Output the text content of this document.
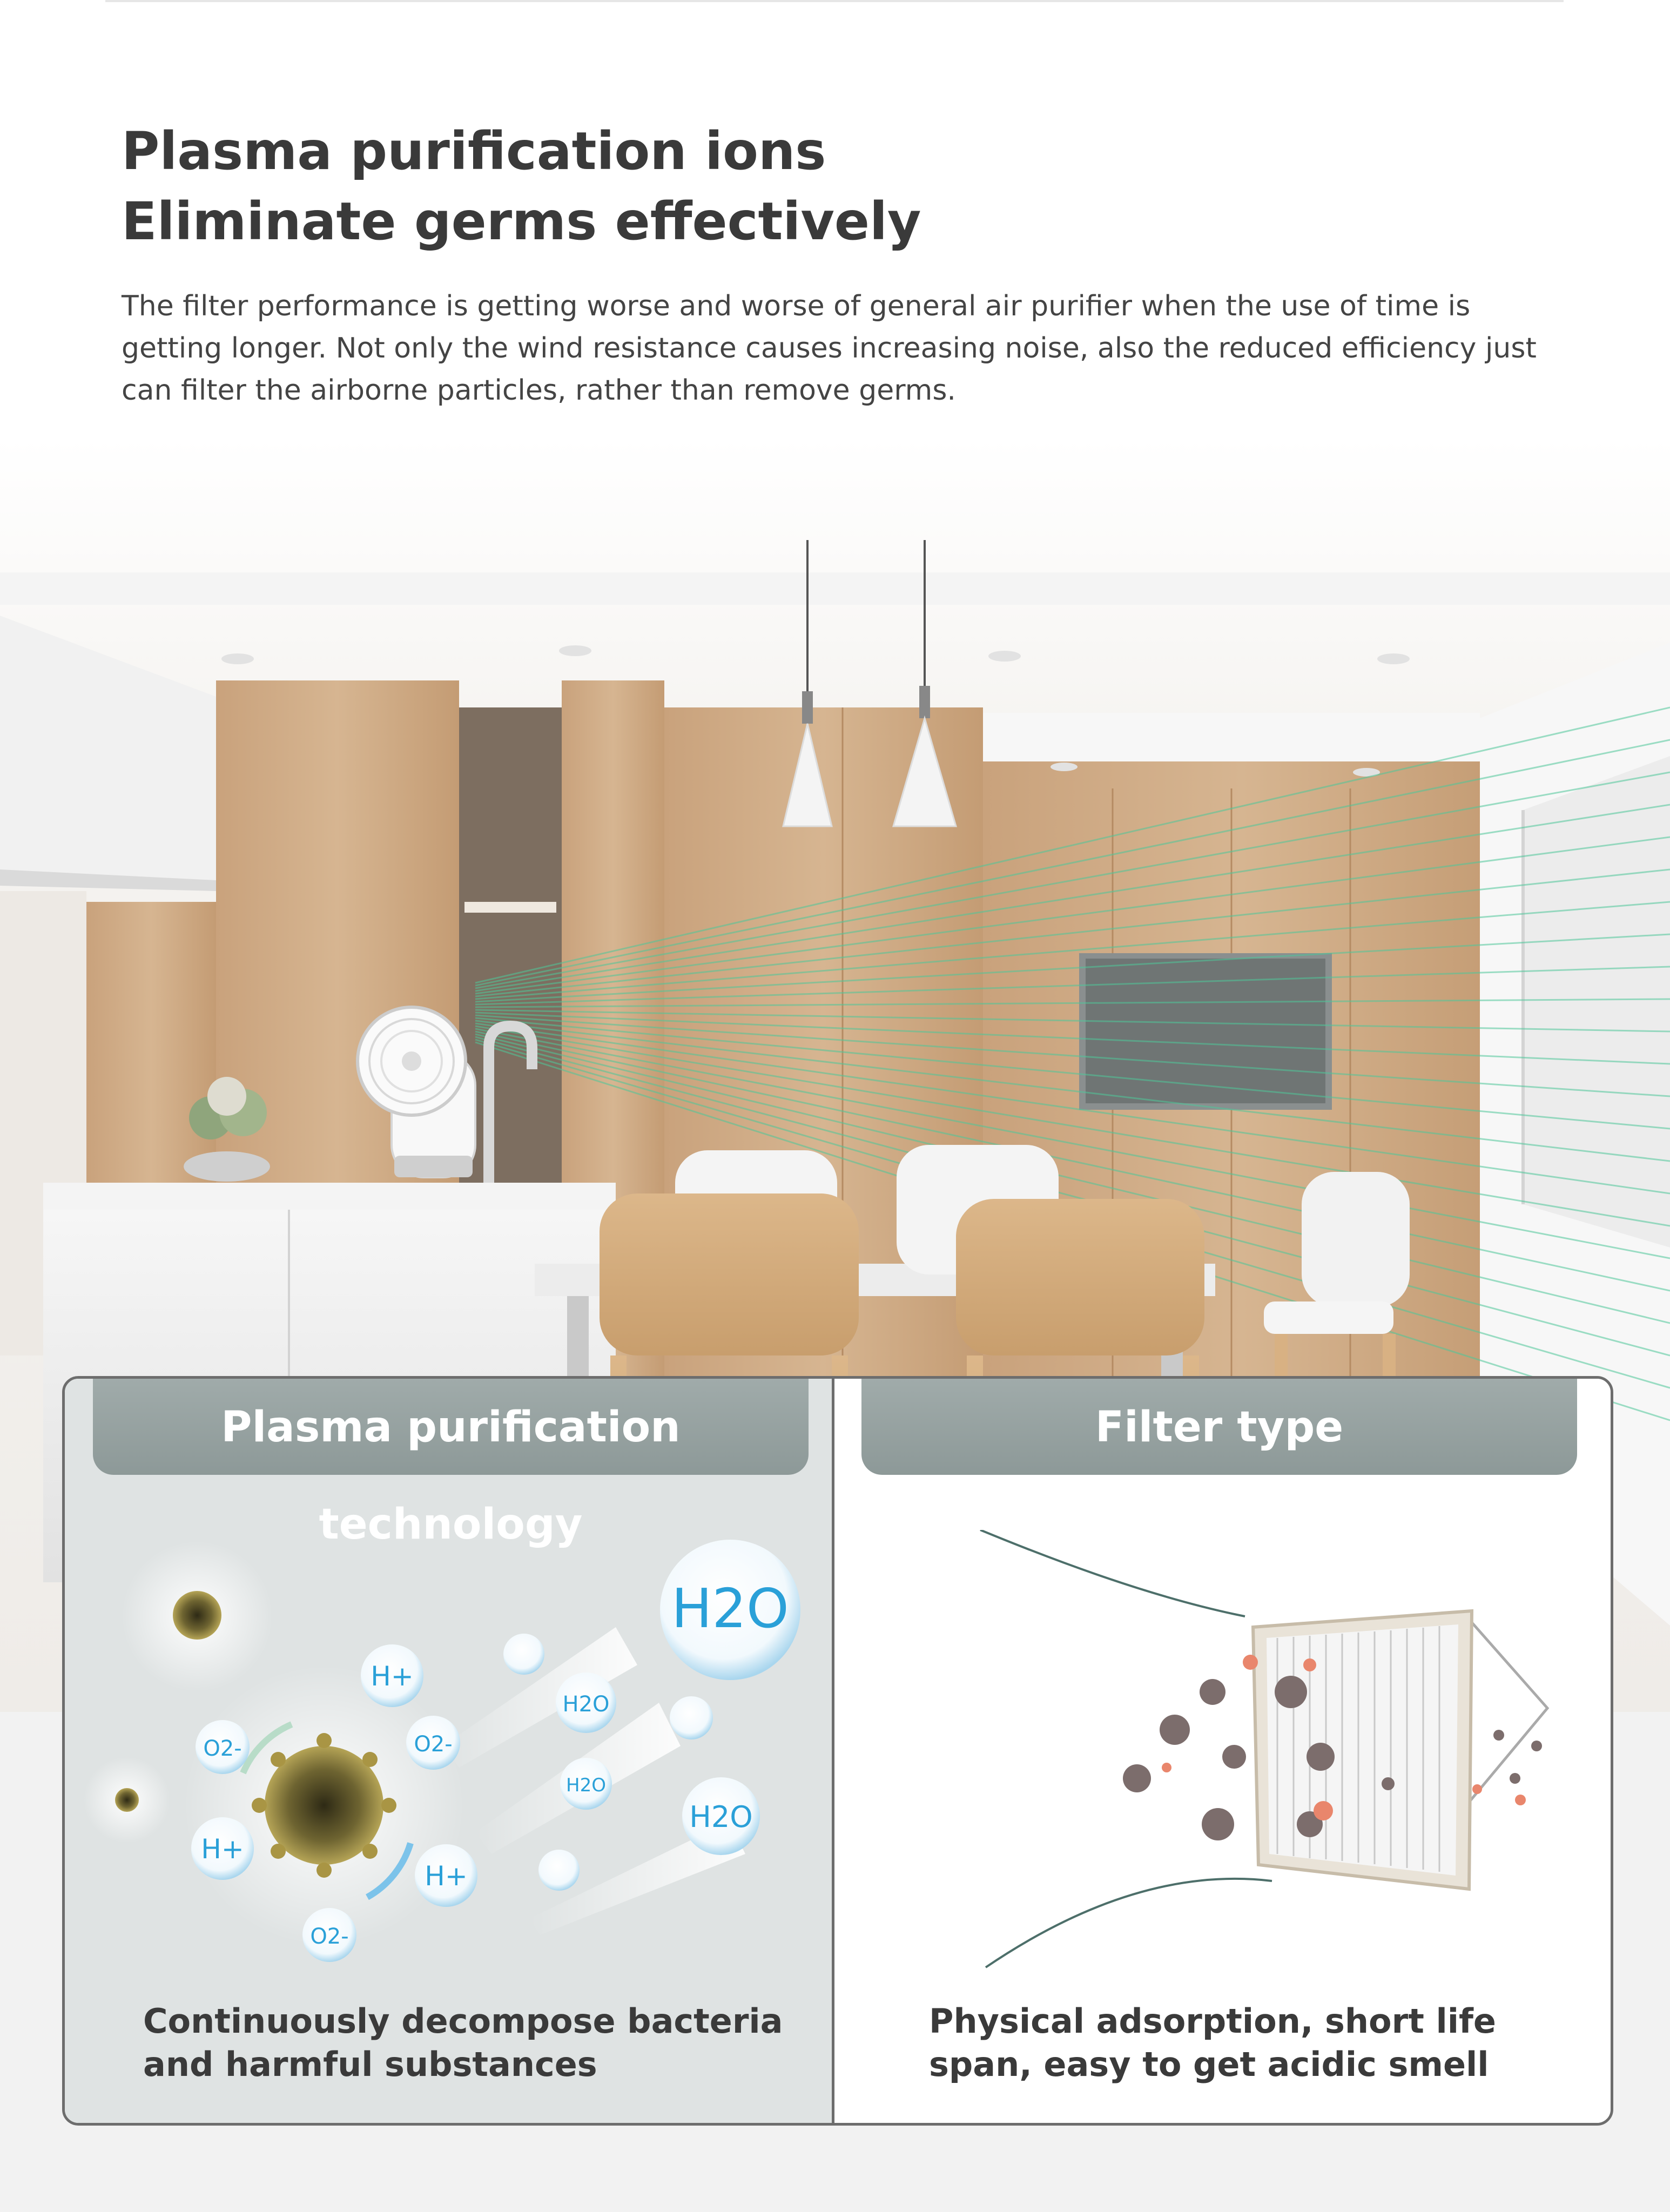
Plasma purification ions
Eliminate germs effectively

The filter performance is getting worse and worse of general air purifier when the use of time is getting longer. Not only the wind resistance causes increasing noise, also the reduced efficiency just can filter the airborne particles, rather than remove germs.

H+
H+
H+
O2-	O2-
O2-
H2O
H2O
H2O
H2O
Plasma purification technology
Filter type
Continuously decompose bacteria and harmful substances
Physical adsorption, short life span, easy to get acidic smell
